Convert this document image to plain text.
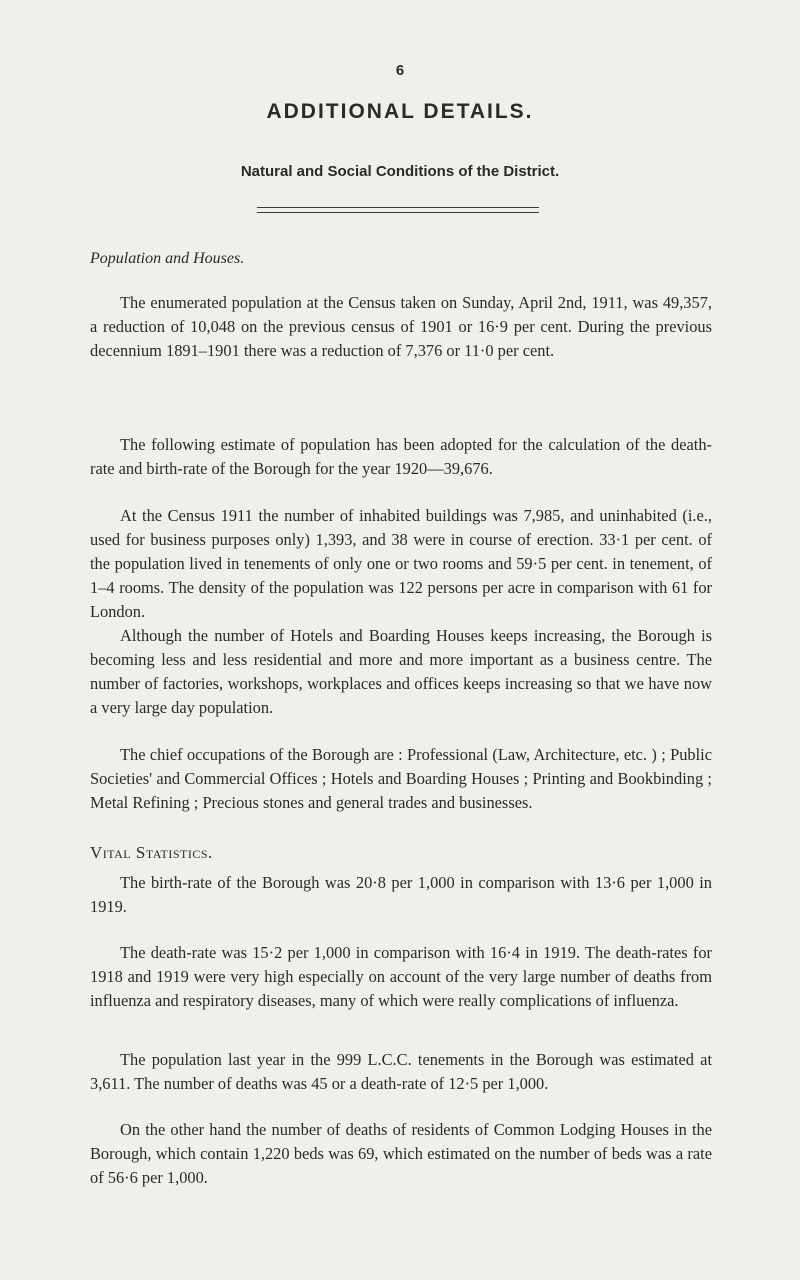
6
ADDITIONAL DETAILS.
Natural and Social Conditions of the District.
Population and Houses.

The enumerated population at the Census taken on Sunday, April 2nd, 1911, was 49,357, a reduction of 10,048 on the previous census of 1901 or 16·9 per cent. During the previous decennium 1891–1901 there was a reduction of 7,376 or 11·0 per cent.

The following estimate of population has been adopted for the calculation of the death-rate and birth-rate of the Borough for the year 1920—39,676.

At the Census 1911 the number of inhabited buildings was 7,985, and uninhabited (i.e., used for business purposes only) 1,393, and 38 were in course of erection. 33·1 per cent. of the population lived in tenements of only one or two rooms and 59·5 per cent. in tenement, of 1–4 rooms. The density of the population was 122 persons per acre in comparison with 61 for London.

Although the number of Hotels and Boarding Houses keeps increasing, the Borough is becoming less and less residential and more and more important as a business centre. The number of factories, workshops, workplaces and offices keeps increasing so that we have now a very large day population.

The chief occupations of the Borough are : Professional (Law, Architecture, etc. ) ; Public Societies' and Commercial Offices ; Hotels and Boarding Houses ; Printing and Bookbinding ; Metal Refining ; Precious stones and general trades and businesses.

Vital Statistics.

The birth-rate of the Borough was 20·8 per 1,000 in comparison with 13·6 per 1,000 in 1919.

The death-rate was 15·2 per 1,000 in comparison with 16·4 in 1919. The death-rates for 1918 and 1919 were very high especially on account of the very large number of deaths from influenza and respiratory diseases, many of which were really complications of influenza.

The population last year in the 999 L.C.C. tenements in the Borough was estimated at 3,611. The number of deaths was 45 or a death-rate of 12·5 per 1,000.

On the other hand the number of deaths of residents of Common Lodging Houses in the Borough, which contain 1,220 beds was 69, which estimated on the number of beds was a rate of 56·6 per 1,000.
